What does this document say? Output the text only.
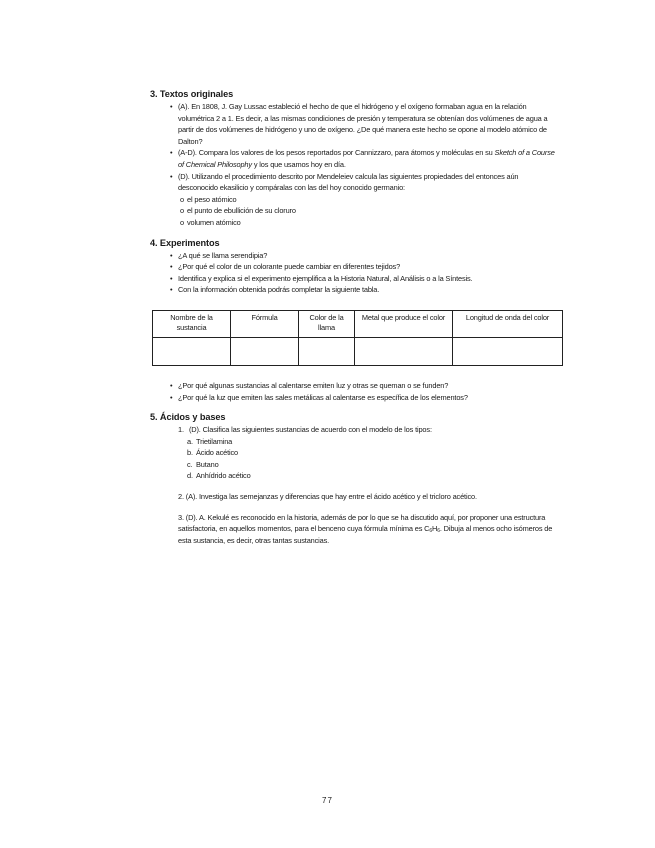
3. Textos originales
• (A). En 1808, J. Gay Lussac estableció el hecho de que el hidrógeno y el oxígeno formaban agua en la relación volumétrica 2 a 1. Es decir, a las mismas condiciones de presión y temperatura se obtenían dos volúmenes de agua a partir de dos volúmenes de hidrógeno y uno de oxígeno. ¿De qué manera este hecho se opone al modelo atómico de Dalton?
• (A-D). Compara los valores de los pesos reportados por Cannizzaro, para átomos y moléculas en su Sketch of a Course of Chemical Philosophy y los que usamos hoy en día.
• (D). Utilizando el procedimiento descrito por Mendeleiev calcula las siguientes propiedades del entonces aún desconocido ekasilicio y compáralas con las del hoy conocido germanio:
o el peso atómico
o el punto de ebullición de su cloruro
o volumen atómico
4. Experimentos
• ¿A qué se llama serendipia?
• ¿Por qué el color de un colorante puede cambiar en diferentes tejidos?
• Identifica y explica si el experimento ejemplifica a la Historia Natural, al Análisis o a la Síntesis.
• Con la información obtenida podrás completar la siguiente tabla.
Nombre de la sustancia	Fórmula	Color de la llama	Metal que produce el color	Longitud de onda del color

• ¿Por qué algunas sustancias al calentarse emiten luz y otras se queman o se funden?
• ¿Por qué la luz que emiten las sales metálicas al calentarse es específica de los elementos?
5. Ácidos y bases
1. (D). Clasifica las siguientes sustancias de acuerdo con el modelo de los tipos:
a. Trietilamina
b. Ácido acético
c. Butano
d. Anhídrido acético
2. (A). Investiga las semejanzas y diferencias que hay entre el ácido acético y el tricloro acético.
3. (D). A. Kekulé es reconocido en la historia, además de por lo que se ha discutido aquí, por proponer una estructura satisfactoria, en aquellos momentos, para el benceno cuya fórmula mínima es $C_6H_6$. Dibuja al menos ocho isómeros de esta sustancia, es decir, otras tantas sustancias.
77
